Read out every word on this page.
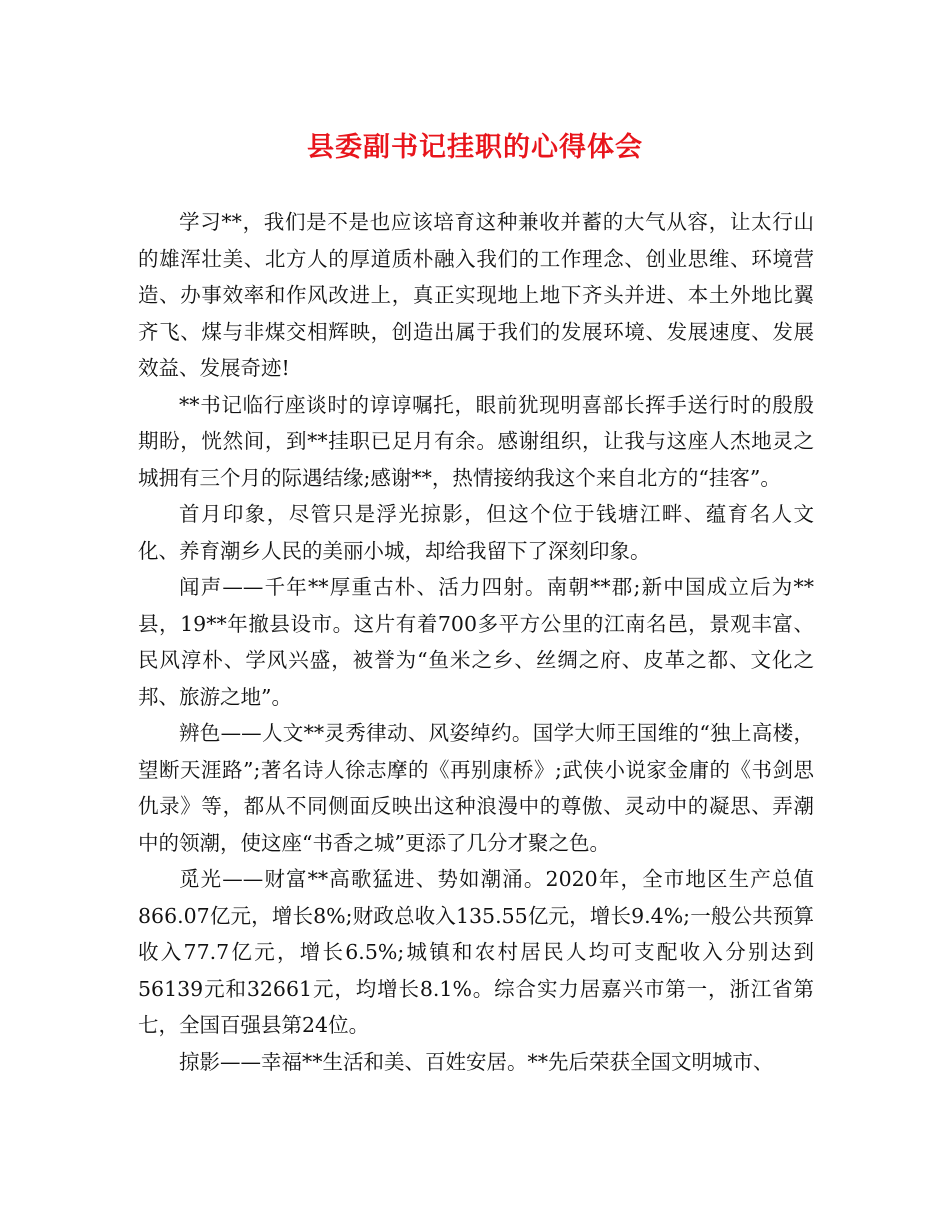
县委副书记挂职的心得体会

学习**，我们是不是也应该培育这种兼收并蓄的大气从容，让太行山的雄浑壮美、北方人的厚道质朴融入我们的工作理念、创业思维、环境营造、办事效率和作风改进上，真正实现地上地下齐头并进、本土外地比翼齐飞、煤与非煤交相辉映，创造出属于我们的发展环境、发展速度、发展效益、发展奇迹!

**书记临行座谈时的谆谆嘱托，眼前犹现明喜部长挥手送行时的殷殷期盼，恍然间，到**挂职已足月有余。感谢组织，让我与这座人杰地灵之城拥有三个月的际遇结缘;感谢**，热情接纳我这个来自北方的“挂客”。

首月印象，尽管只是浮光掠影，但这个位于钱塘江畔、蕴育名人文化、养育潮乡人民的美丽小城，却给我留下了深刻印象。

闻声——千年**厚重古朴、活力四射。南朝**郡;新中国成立后为**县，19**年撤县设市。这片有着700多平方公里的江南名邑，景观丰富、民风淳朴、学风兴盛，被誉为“鱼米之乡、丝绸之府、皮革之都、文化之邦、旅游之地”。

辨色——人文**灵秀律动、风姿绰约。国学大师王国维的“独上高楼，望断天涯路”;著名诗人徐志摩的《再别康桥》;武侠小说家金庸的《书剑思仇录》等，都从不同侧面反映出这种浪漫中的尊傲、灵动中的凝思、弄潮中的领潮，使这座“书香之城”更添了几分才聚之色。

觅光——财富**高歌猛进、势如潮涌。2020年，全市地区生产总值866.07亿元，增长8%;财政总收入135.55亿元，增长9.4%;一般公共预算收入77.7亿元，增长6.5%;城镇和农村居民人均可支配收入分别达到56139元和32661元，均增长8.1%。综合实力居嘉兴市第一，浙江省第七，全国百强县第24位。

掠影——幸福**生活和美、百姓安居。**先后荣获全国文明城市、
